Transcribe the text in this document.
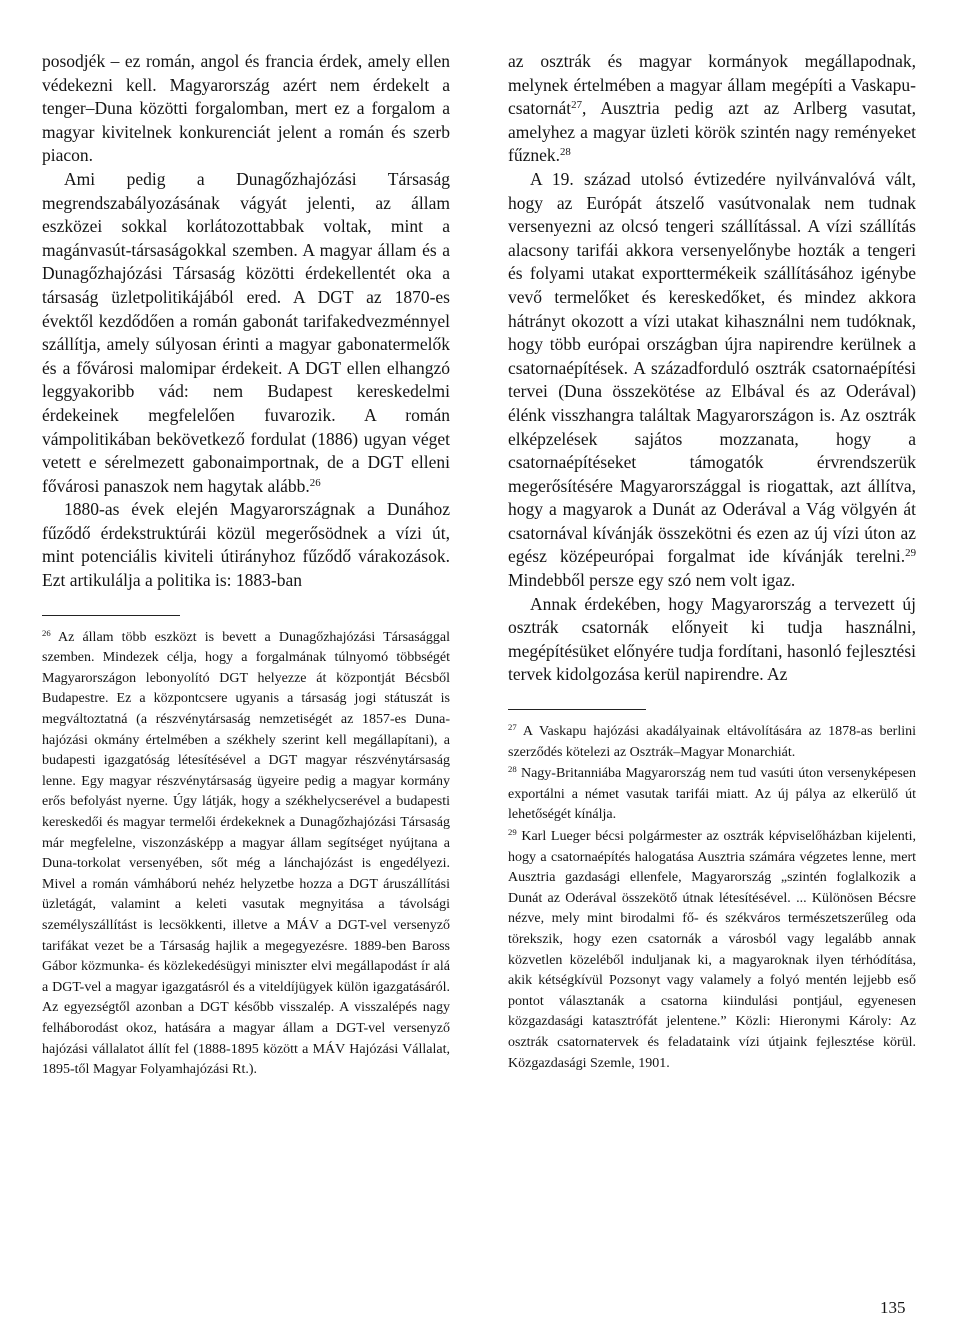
posodjék – ez román, angol és francia érdek, amely ellen védekezni kell. Magyarország azért nem érdekelt a tenger–Duna közötti forgalomban, mert ez a forgalom a magyar kivitelnek konkurenciát jelent a román és szerb piacon.

Ami pedig a Dunagőzhajózási Társaság megrendszabályozásának vágyát jelenti, az állam eszközei sokkal korlátozottabbak voltak, mint a magánvasút-társaságokkal szemben. A magyar állam és a Dunagőzhajózási Társaság közötti érdekellentét oka a társaság üzletpolitikájából ered. A DGT az 1870-es évektől kezdődően a román gabonát tarifakedvezménnyel szállítja, amely súlyosan érinti a magyar gabonatermelők és a fővárosi malomipar érdekeit. A DGT ellen elhangzó leggyakoribb vád: nem Budapest kereskedelmi érdekeinek megfelelően fuvarozik. A román vámpolitikában bekövetkező fordulat (1886) ugyan véget vetett e sérelmezett gabonaimportnak, de a DGT elleni fővárosi panaszok nem hagytak alább.$^{26}$

1880-as évek elején Magyarországnak a Dunához fűződő érdekstruktúrái közül megerősödnek a vízi út, mint potenciális kiviteli útirányhoz fűződő várakozások. Ezt artikulálja a politika is: 1883-ban

$^{26}$ Az állam több eszközt is bevett a Dunagőzhajózási Társasággal szemben. Mindezek célja, hogy a forgalmának túlnyomó többségét Magyarországon lebonyolító DGT helyezze át központját Bécsből Budapestre. Ez a központcsere ugyanis a társaság jogi státuszát is megváltoztatná (a részvénytársaság nemzetiségét az 1857-es Duna-hajózási okmány értelmében a székhely szerint kell megállapítani), a budapesti igazgatóság létesítésével a DGT magyar részvénytársaság lenne. Egy magyar részvénytársaság ügyeire pedig a magyar kormány erős befolyást nyerne. Úgy látják, hogy a székhelycserével a budapesti kereskedői és magyar termelői érdekeknek a Dunagőzhajózási Társaság már megfelelne, viszonzásképp a magyar állam segítséget nyújtana a Duna-torkolat versenyében, sőt még a lánchajózást is engedélyezi. Mivel a román vámháború nehéz helyzetbe hozza a DGT áruszállítási üzletágát, valamint a keleti vasutak megnyitása a távolsági személyszállítást is lecsökkenti, illetve a MÁV a DGT-vel versenyző tarifákat vezet be a Társaság hajlik a megegyezésre. 1889-ben Baross Gábor közmunka- és közlekedésügyi miniszter elvi megállapodást ír alá a DGT-vel a magyar igazgatásról és a viteldíjügyek külön igazgatásáról. Az egyezségtől azonban a DGT később visszalép. A visszalépés nagy felháborodást okoz, hatására a magyar állam a DGT-vel versenyző hajózási vállalatot állít fel (1888-1895 között a MÁV Hajózási Vállalat, 1895-től Magyar Folyamhajózási Rt.).

az osztrák és magyar kormányok megállapodnak, melynek értelmében a magyar állam megépíti a Vaskapu-csatornát$^{27}$, Ausztria pedig azt az Arlberg vasutat, amelyhez a magyar üzleti körök szintén nagy reményeket fűznek.$^{28}$

A 19. század utolsó évtizedére nyilvánvalóvá vált, hogy az Európát átszelő vasútvonalak nem tudnak versenyezni az olcsó tengeri szállítással. A vízi szállítás alacsony tarifái akkora versenyelőnybe hozták a tengeri és folyami utakat exporttermékeik szállításához igénybe vevő termelőket és kereskedőket, és mindez akkora hátrányt okozott a vízi utakat kihasználni nem tudóknak, hogy több európai országban újra napirendre kerülnek a csatornaépítések. A századforduló osztrák csatornaépítési tervei (Duna összekötése az Elbával és az Oderával) élénk visszhangra találtak Magyarországon is. Az osztrák elképzelések sajátos mozzanata, hogy a csatornaépítéseket támogatók érvrendszerük megerősítésére Magyarországgal is riogattak, azt állítva, hogy a magyarok a Dunát az Oderával a Vág völgyén át csatornával kívánják összekötni és ezen az új vízi úton az egész középeurópai forgalmat ide kívánják terelni.$^{29}$ Mindebből persze egy szó nem volt igaz.

Annak érdekében, hogy Magyarország a tervezett új osztrák csatornák előnyeit ki tudja használni, megépítésüket előnyére tudja fordítani, hasonló fejlesztési tervek kidolgozása kerül napirendre. Az

$^{27}$ A Vaskapu hajózási akadályainak eltávolítására az 1878-as berlini szerződés kötelezi az Osztrák–Magyar Monarchiát.

$^{28}$ Nagy-Britanniába Magyarország nem tud vasúti úton versenyképesen exportálni a német vasutak tarifái miatt. Az új pálya az elkerülő út lehetőségét kínálja.

$^{29}$ Karl Lueger bécsi polgármester az osztrák képviselőházban kijelenti, hogy a csatornaépítés halogatása Ausztria számára végzetes lenne, mert Ausztria gazdasági ellenfele, Magyarország „szintén foglalkozik a Dunát az Oderával összekötő útnak létesítésével. ... Különösen Bécsre nézve, mely mint birodalmi fő- és székváros természetszerűleg oda törekszik, hogy ezen csatornák a városból vagy legalább annak közvetlen közeléből induljanak ki, a magyaroknak ilyen térhódítása, akik kétségkívül Pozsonyt vagy valamely a folyó mentén lejjebb eső pontot választanák a csatorna kiindulási pontjául, egyenesen közgazdasági katasztrófát jelentene.” Közli: Hieronymi Károly: Az osztrák csatornatervek és feladataink vízi útjaink fejlesztése körül. Közgazdasági Szemle, 1901.

135
